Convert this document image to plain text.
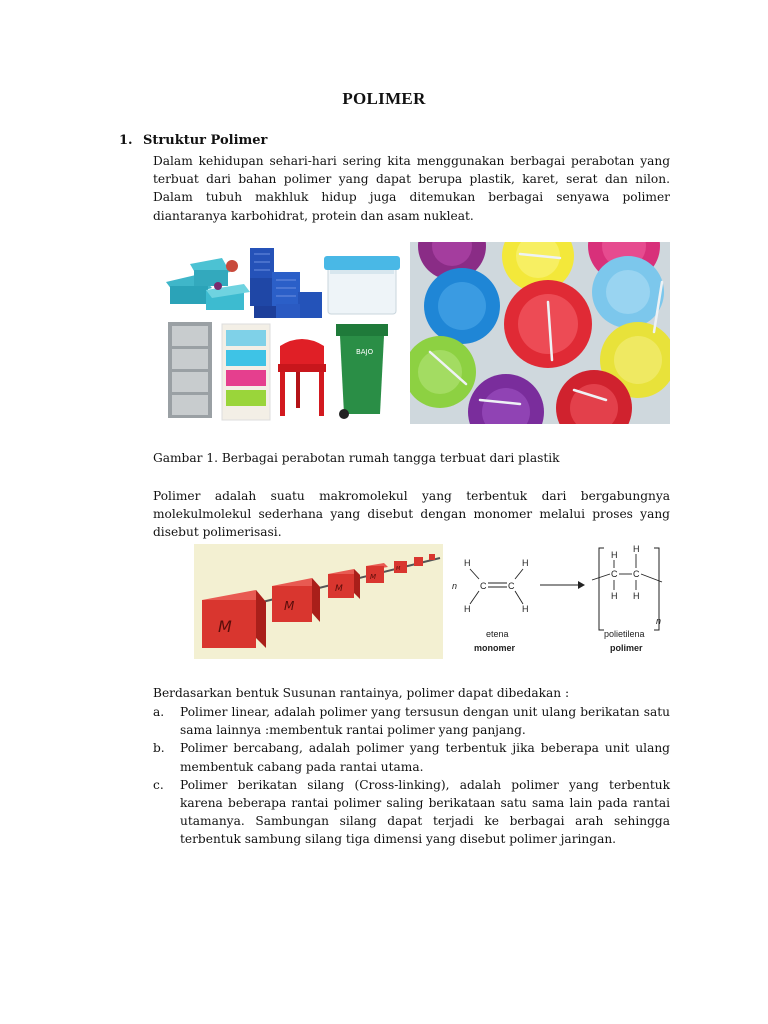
POLIMER
1. Struktur Polimer
Dalam kehidupan sehari-hari sering kita menggunakan berbagai perabotan yang terbuat dari bahan polimer yang dapat berupa plastik, karet, serat dan nilon. Dalam tubuh makhluk hidup juga ditemukan berbagai senyawa polimer diantaranya karbohidrat, protein dan asam nukleat.
BAJO
Gambar 1. Berbagai perabotan rumah tangga terbuat dari plastik
Polimer adalah suatu makromolekul yang terbentuk dari bergabungnya molekulmolekul sederhana yang disebut dengan monomer melalui proses yang disebut polimerisasi.
M
M
M
M
M
n
H	H
H	H
C C
H
H
C C
H H
n
etena
monomer
polietilena
polimer
Berdasarkan bentuk Susunan rantainya, polimer dapat dibedakan :
a. Polimer linear, adalah polimer yang tersusun dengan unit ulang berikatan satu sama lainnya :membentuk rantai polimer yang panjang.
b. Polimer bercabang, adalah polimer yang terbentuk jika beberapa unit ulang membentuk cabang pada rantai utama.
c. Polimer berikatan silang (Cross-linking), adalah polimer yang terbentuk karena beberapa rantai polimer saling berikataan satu sama lain pada rantai utamanya. Sambungan silang dapat terjadi ke berbagai arah sehingga terbentuk sambung silang tiga dimensi yang disebut polimer jaringan.
